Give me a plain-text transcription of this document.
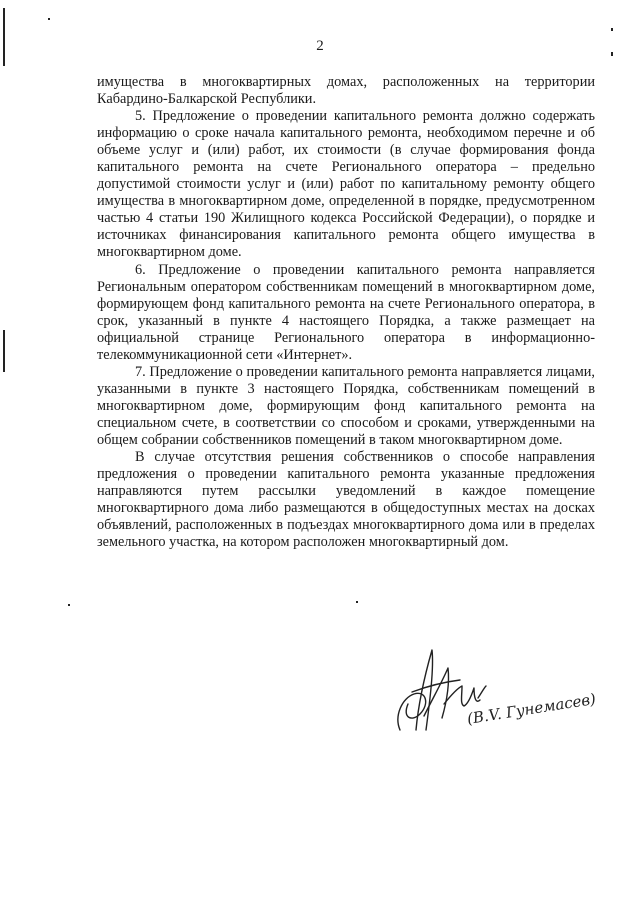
2

имущества в многоквартирных домах, расположенных на территории Кабардино-Балкарской Республики.

5. Предложение о проведении капитального ремонта должно содержать информацию о сроке начала капитального ремонта, необходимом перечне и об объеме услуг и (или) работ, их стоимости (в случае формирования фонда капитального ремонта на счете Регионального оператора – предельно допустимой стоимости услуг и (или) работ по капитальному ремонту общего имущества в многоквартирном доме, определенной в порядке, предусмотренном частью 4 статьи 190 Жилищного кодекса Российской Федерации), о порядке и источниках финансирования капитального ремонта общего имущества в многоквартирном доме.

6. Предложение о проведении капитального ремонта направляется Региональным оператором собственникам помещений в многоквартирном доме, формирующем фонд капитального ремонта на счете Регионального оператора, в срок, указанный в пункте 4 настоящего Порядка, а также размещает на официальной странице Регионального оператора в информационно-телекоммуникационной сети «Интернет».

7. Предложение о проведении капитального ремонта направляется лицами, указанными в пункте 3 настоящего Порядка, собственникам помещений в многоквартирном доме, формирующим фонд капитального ремонта на специальном счете, в соответствии со способом и сроками, утвержденными на общем собрании собственников помещений в таком многоквартирном доме.

В случае отсутствия решения собственников о способе направления предложения о проведении капитального ремонта указанные предложения направляются путем рассылки уведомлений в каждое помещение многоквартирного дома либо размещаются в общедоступных местах на досках объявлений, расположенных в подъездах многоквартирного дома или в пределах земельного участка, на котором расположен многоквартирный дом.

(В.V. Гунемасев)
